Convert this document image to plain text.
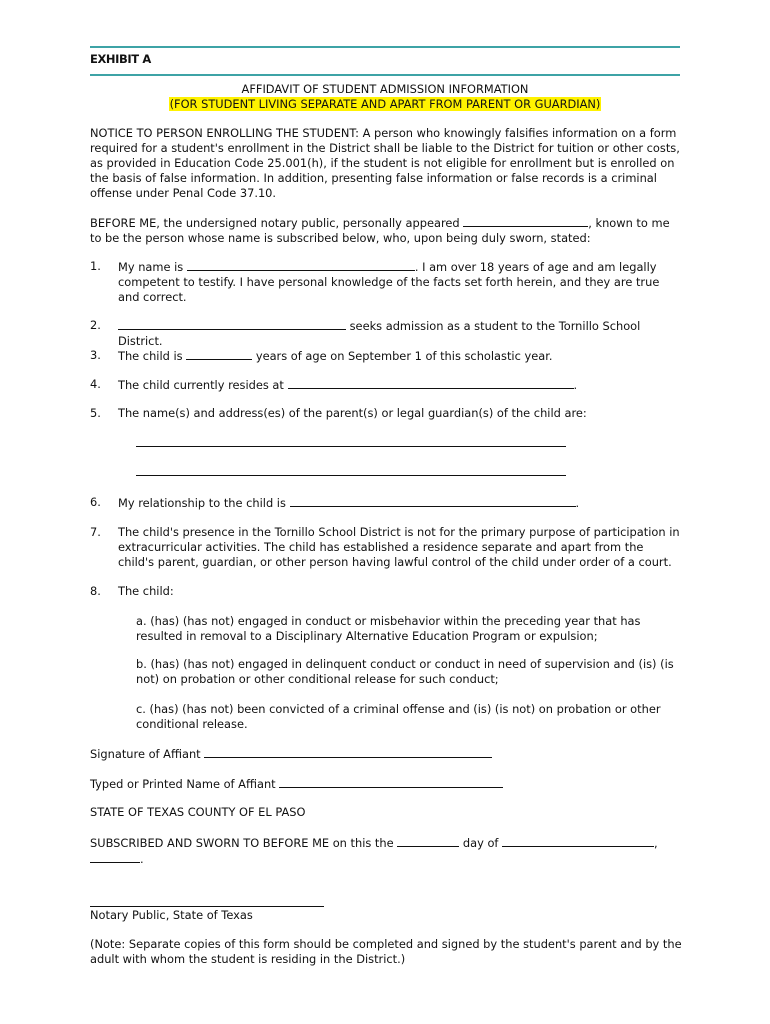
EXHIBIT A
AFFIDAVIT OF STUDENT ADMISSION INFORMATION
(FOR STUDENT LIVING SEPARATE AND APART FROM PARENT OR GUARDIAN)
NOTICE TO PERSON ENROLLING THE STUDENT: A person who knowingly falsifies information on a form required for a student's enrollment in the District shall be liable to the District for tuition or other costs, as provided in Education Code 25.001(h), if the student is not eligible for enrollment but is enrolled on the basis of false information. In addition, presenting false information or false records is a criminal offense under Penal Code 37.10.
BEFORE ME, the undersigned notary public, personally appeared	, known to me to be the person whose name is subscribed below, who, upon being duly sworn, stated:
1.	My name is	. I am over 18 years of age and am legally competent to testify. I have personal knowledge of the facts set forth herein, and they are true and correct.
2.	seeks admission as a student to the Tornillo School District.
3.	The child is	years of age on September 1 of this scholastic year.
4.	The child currently resides at	.
5.	The name(s) and address(es) of the parent(s) or legal guardian(s) of the child are:
6.	My relationship to the child is	.
7.	The child's presence in the Tornillo School District is not for the primary purpose of participation in extracurricular activities. The child has established a residence separate and apart from the child's parent, guardian, or other person having lawful control of the child under order of a court.
8.	The child:
a. (has) (has not) engaged in conduct or misbehavior within the preceding year that has resulted in removal to a Disciplinary Alternative Education Program or expulsion;
b. (has) (has not) engaged in delinquent conduct or conduct in need of supervision and (is) (is not) on probation or other conditional release for such conduct;
c. (has) (has not) been convicted of a criminal offense and (is) (is not) on probation or other conditional release.
Signature of Affiant
Typed or Printed Name of Affiant
STATE OF TEXAS COUNTY OF EL PASO
SUBSCRIBED AND SWORN TO BEFORE ME on this the	day of	,
.
Notary Public, State of Texas
(Note: Separate copies of this form should be completed and signed by the student's parent and by the adult with whom the student is residing in the District.)
